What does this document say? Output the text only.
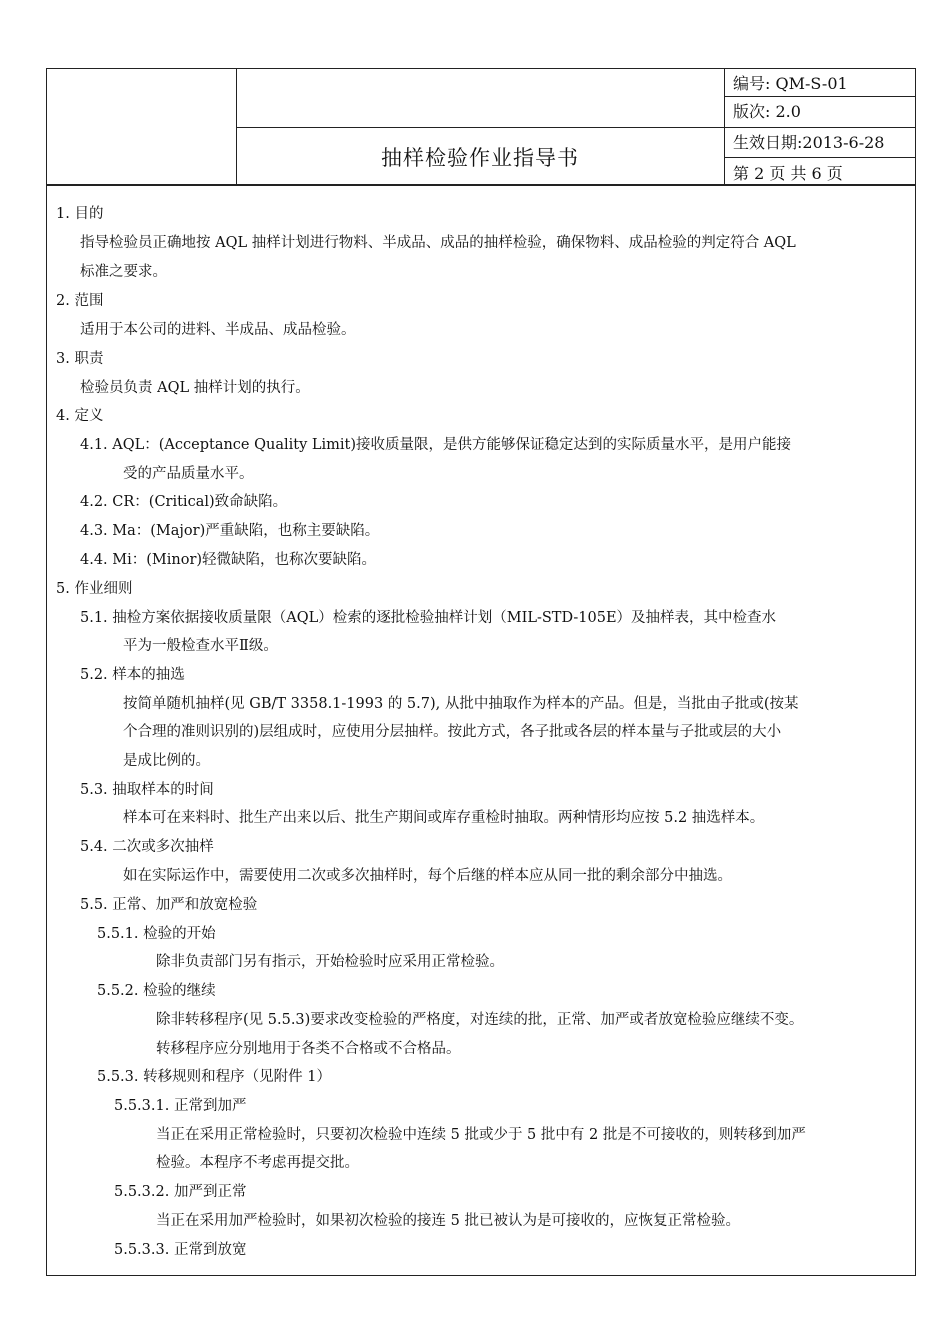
抽样检验作业指导书
编号: QM-S-01
版次: 2.0
生效日期:2013-6-28
第 2 页 共 6 页
1. 目的
指导检验员正确地按 AQL 抽样计划进行物料、半成品、成品的抽样检验，确保物料、成品检验的判定符合 AQL
标准之要求。
2. 范围
适用于本公司的进料、半成品、成品检验。
3. 职责
检验员负责 AQL 抽样计划的执行。
4. 定义
4.1. AQL：(Acceptance Quality Limit)接收质量限，是供方能够保证稳定达到的实际质量水平，是用户能接
受的产品质量水平。
4.2. CR：(Critical)致命缺陷。
4.3. Ma：(Major)严重缺陷，也称主要缺陷。
4.4. Mi：(Minor)轻微缺陷，也称次要缺陷。
5. 作业细则
5.1. 抽检方案依据接收质量限（AQL）检索的逐批检验抽样计划（MIL-STD-105E）及抽样表，其中检查水
平为一般检查水平Ⅱ级。
5.2. 样本的抽选
按简单随机抽样(见 GB/T 3358.1-1993 的 5.7), 从批中抽取作为样本的产品。但是，当批由子批或(按某
个合理的准则识别的)层组成时，应使用分层抽样。按此方式，各子批或各层的样本量与子批或层的大小
是成比例的。
5.3. 抽取样本的时间
样本可在来料时、批生产出来以后、批生产期间或库存重检时抽取。两种情形均应按 5.2 抽选样本。
5.4. 二次或多次抽样
如在实际运作中，需要使用二次或多次抽样时，每个后继的样本应从同一批的剩余部分中抽选。
5.5. 正常、加严和放宽检验
5.5.1. 检验的开始
除非负责部门另有指示，开始检验时应采用正常检验。
5.5.2. 检验的继续
除非转移程序(见 5.5.3)要求改变检验的严格度，对连续的批，正常、加严或者放宽检验应继续不变。
转移程序应分别地用于各类不合格或不合格品。
5.5.3. 转移规则和程序（见附件 1）
5.5.3.1. 正常到加严
当正在采用正常检验时，只要初次检验中连续 5 批或少于 5 批中有 2 批是不可接收的，则转移到加严
检验。本程序不考虑再提交批。
5.5.3.2. 加严到正常
当正在采用加严检验时，如果初次检验的接连 5 批已被认为是可接收的，应恢复正常检验。
5.5.3.3. 正常到放宽
